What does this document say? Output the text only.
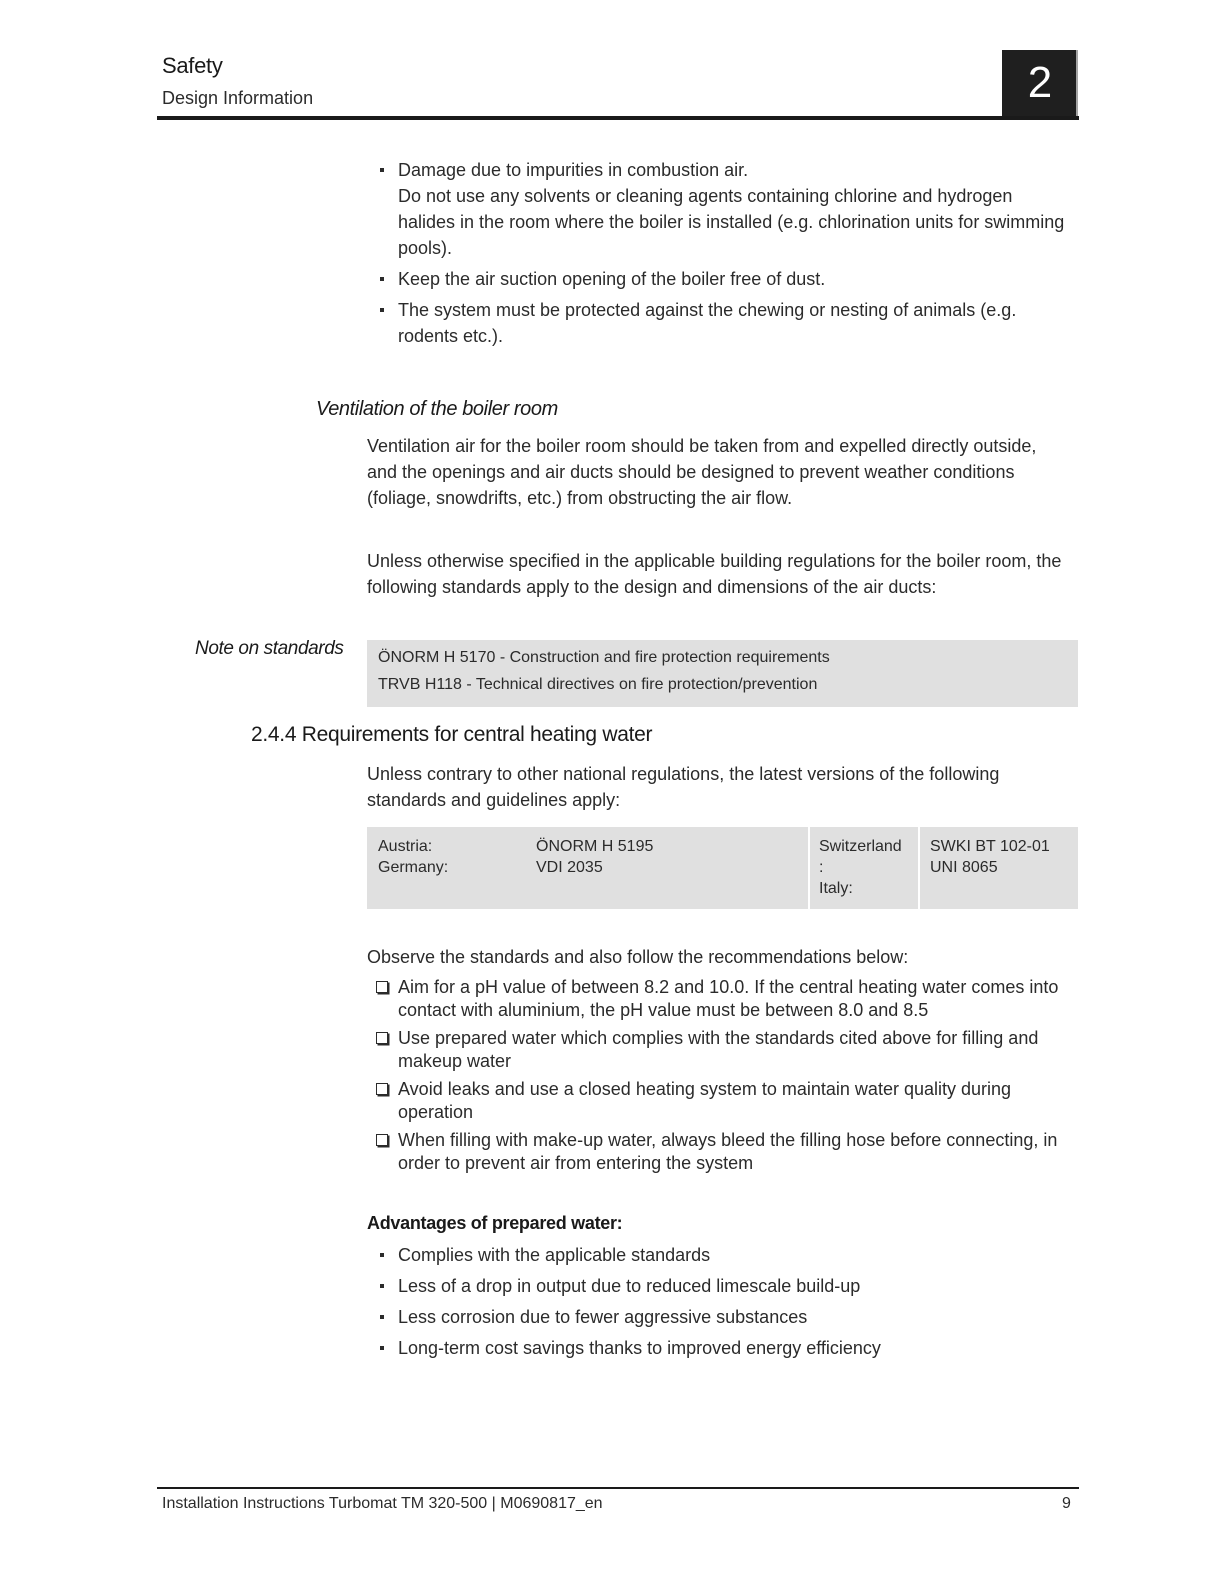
Safety
Design Information	2
Damage due to impurities in combustion air.
Do not use any solvents or cleaning agents containing chlorine and hydrogen halides in the room where the boiler is installed (e.g. chlorination units for swimming pools).
Keep the air suction opening of the boiler free of dust.
The system must be protected against the chewing or nesting of animals (e.g. rodents etc.).
Ventilation of the boiler room
Ventilation air for the boiler room should be taken from and expelled directly outside, and the openings and air ducts should be designed to prevent weather conditions (foliage, snowdrifts, etc.) from obstructing the air flow.
Unless otherwise specified in the applicable building regulations for the boiler room, the following standards apply to the design and dimensions of the air ducts:
Note on standards ÖNORM H 5170 - Construction and fire protection requirements
TRVB H118 - Technical directives on fire protection/prevention
2.4.4 Requirements for central heating water
Unless contrary to other national regulations, the latest versions of the following standards and guidelines apply:
Austria:
Germany:
ÖNORM H 5195
VDI 2035
Switzerland
:
Italy:
SWKI BT 102-01
UNI 8065
Observe the standards and also follow the recommendations below:
Aim for a pH value of between 8.2 and 10.0. If the central heating water comes into contact with aluminium, the pH value must be between 8.0 and 8.5
Use prepared water which complies with the standards cited above for filling and makeup water
Avoid leaks and use a closed heating system to maintain water quality during operation
When filling with make-up water, always bleed the filling hose before connecting, in order to prevent air from entering the system
Advantages of prepared water:
Complies with the applicable standards
Less of a drop in output due to reduced limescale build-up
Less corrosion due to fewer aggressive substances
Long-term cost savings thanks to improved energy efficiency
Installation Instructions Turbomat TM 320-500 | M0690817_en	9
